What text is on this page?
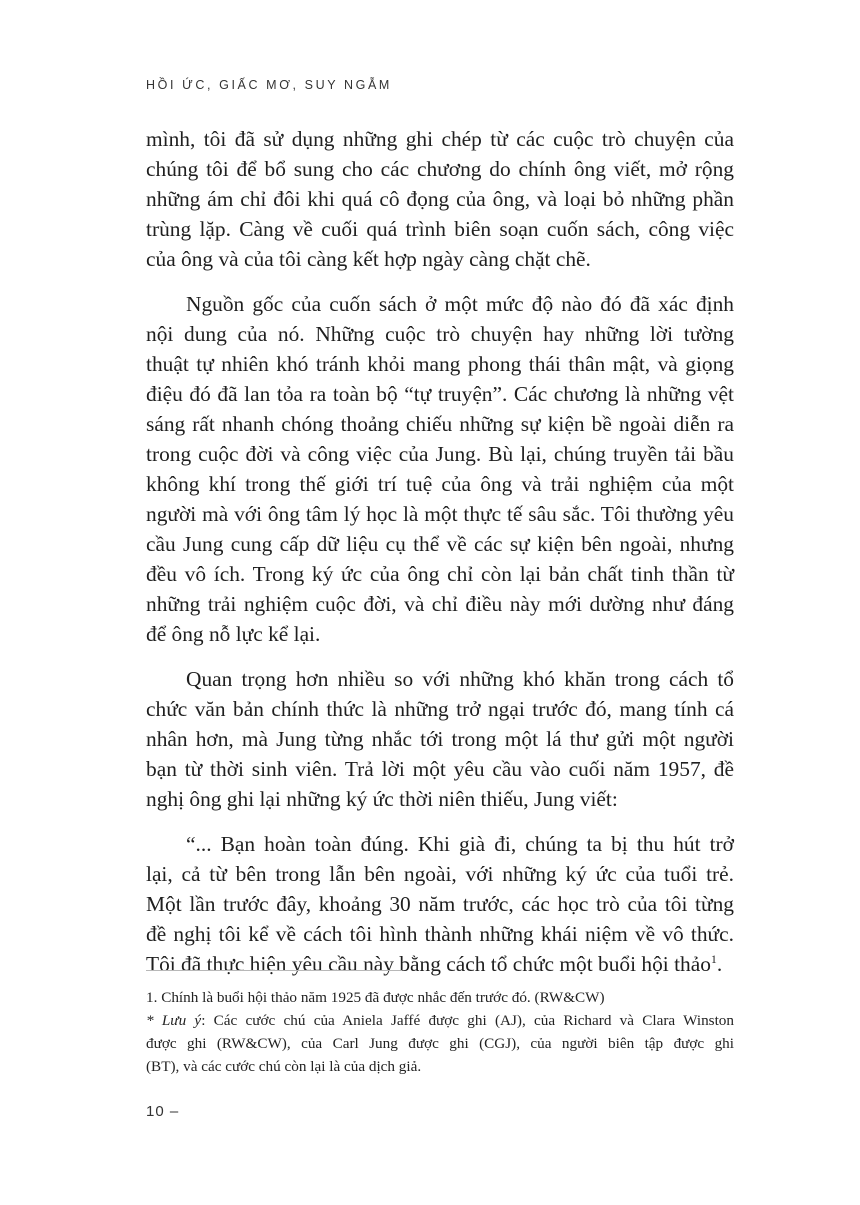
HỒI ỨC, GIẤC MƠ, SUY NGẪM
mình, tôi đã sử dụng những ghi chép từ các cuộc trò chuyện của
chúng tôi để bổ sung cho các chương do chính ông viết, mở rộng
những ám chỉ đôi khi quá cô đọng của ông, và loại bỏ những phần
trùng lặp. Càng về cuối quá trình biên soạn cuốn sách, công việc
của ông và của tôi càng kết hợp ngày càng chặt chẽ.
Nguồn gốc của cuốn sách ở một mức độ nào đó đã xác định
nội dung của nó. Những cuộc trò chuyện hay những lời tường
thuật tự nhiên khó tránh khỏi mang phong thái thân mật, và giọng
điệu đó đã lan tỏa ra toàn bộ “tự truyện”. Các chương là những vệt
sáng rất nhanh chóng thoảng chiếu những sự kiện bề ngoài diễn ra
trong cuộc đời và công việc của Jung. Bù lại, chúng truyền tải bầu
không khí trong thế giới trí tuệ của ông và trải nghiệm của một
người mà với ông tâm lý học là một thực tế sâu sắc. Tôi thường yêu
cầu Jung cung cấp dữ liệu cụ thể về các sự kiện bên ngoài, nhưng
đều vô ích. Trong ký ức của ông chỉ còn lại bản chất tinh thần từ
những trải nghiệm cuộc đời, và chỉ điều này mới dường như đáng
để ông nỗ lực kể lại.
Quan trọng hơn nhiều so với những khó khăn trong cách tổ
chức văn bản chính thức là những trở ngại trước đó, mang tính cá
nhân hơn, mà Jung từng nhắc tới trong một lá thư gửi một người
bạn từ thời sinh viên. Trả lời một yêu cầu vào cuối năm 1957, đề
nghị ông ghi lại những ký ức thời niên thiếu, Jung viết:
“... Bạn hoàn toàn đúng. Khi già đi, chúng ta bị thu hút trở
lại, cả từ bên trong lẫn bên ngoài, với những ký ức của tuổi trẻ.
Một lần trước đây, khoảng 30 năm trước, các học trò của tôi từng
đề nghị tôi kể về cách tôi hình thành những khái niệm về vô thức.
Tôi đã thực hiện yêu cầu này bằng cách tổ chức một buổi hội thảo$^1$.
1. Chính là buổi hội thảo năm 1925 đã được nhắc đến trước đó. (RW&CW)
* Lưu ý: Các cước chú của Aniela Jaffé được ghi (AJ), của Richard và Clara Winston
được ghi (RW&CW), của Carl Jung được ghi (CGJ), của người biên tập được ghi
(BT), và các cước chú còn lại là của dịch giả.
10 –
